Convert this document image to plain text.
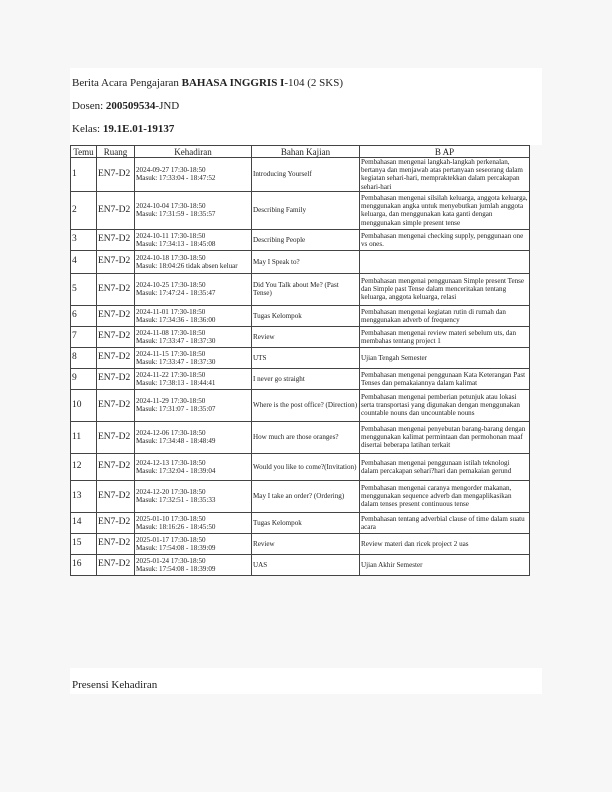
Berita Acara Pengajaran BAHASA INGGRIS I-104 (2 SKS)
Dosen: 200509534-JND
Kelas: 19.1E.01-19137
Temu	Ruang	Kehadiran	Bahan Kajian	B AP
1	EN7-D2	2024-09-27 17:30-18:50
Masuk: 17:33:04 - 18:47:52	Introducing Yourself	Pembahasan mengenai langkah-langkah perkenalan, bertanya dan menjawab atas pertanyaan seseorang dalam kegiatan sehari-hari, mempraktekkan dalam percakapan sehari-hari
2	EN7-D2	2024-10-04 17:30-18:50
Masuk: 17:31:59 - 18:35:57	Describing Family	Pembahasan mengenai silsilah keluarga, anggota keluarga, menggunakan angka untuk menyebutkan jumlah anggota keluarga, dan menggunakan kata ganti dengan menggunakan simple present tense
3	EN7-D2	2024-10-11 17:30-18:50
Masuk: 17:34:13 - 18:45:08	Describing People	Pembahasan mengenai checking supply, penggunaan one vs ones.
4	EN7-D2	2024-10-18 17:30-18:50
Masuk: 18:04:26 tidak absen keluar	May I Speak to?	
5	EN7-D2	2024-10-25 17:30-18:50
Masuk: 17:47:24 - 18:35:47	Did You Talk about Me? (Past Tense)	Pembahasan mengenai penggunaan Simple present Tense dan Simple past Tense dalam menceritakan tentang keluarga, anggota keluarga, relasi
6	EN7-D2	2024-11-01 17:30-18:50
Masuk: 17:34:36 - 18:36:00	Tugas Kelompok	Pembahasan mengenai kegiatan rutin di rumah dan menggunakan adverb of frequency
7	EN7-D2	2024-11-08 17:30-18:50
Masuk: 17:33:47 - 18:37:30	Review	Pembahasan mengenai review materi sebelum uts, dan membahas tentang project 1
8	EN7-D2	2024-11-15 17:30-18:50
Masuk: 17:33:47 - 18:37:30	UTS	Ujian Tengah Semester
9	EN7-D2	2024-11-22 17:30-18:50
Masuk: 17:38:13 - 18:44:41	I never go straight	Pembahasan mengenai penggunaan Kata Keterangan Past Tenses dan pemakaiannya dalam kalimat
10	EN7-D2	2024-11-29 17:30-18:50
Masuk: 17:31:07 - 18:35:07	Where is the post office? (Direction)	Pembahasan mengenai pemberian petunjuk atau lokasi serta transportasi yang digunakan dengan menggunakan countable nouns dan uncountable nouns
11	EN7-D2	2024-12-06 17:30-18:50
Masuk: 17:34:48 - 18:48:49	How much are those oranges?	Pembahasan mengenai penyebutan barang-barang dengan menggunakan kalimat permintaan dan permohonan maaf disertai beberapa latihan terkait
12	EN7-D2	2024-12-13 17:30-18:50
Masuk: 17:32:04 - 18:39:04	Would you like to come?(Invitation)	Pembahasan mengenai penggunaan istilah teknologi dalam percakapan sehari?hari dan pemakaian gerund
13	EN7-D2	2024-12-20 17:30-18:50
Masuk: 17:32:51 - 18:35:33	May I take an order? (Ordering)	Pembahasan mengenai caranya mengorder makanan, menggunakan sequence adverb dan mengaplikasikan dalam tenses present continuous tense
14	EN7-D2	2025-01-10 17:30-18:50
Masuk: 18:16:26 - 18:45:50	Tugas Kelompok	Pembahasan tentang adverbial clause of time dalam suatu acara
15	EN7-D2	2025-01-17 17:30-18:50
Masuk: 17:54:08 - 18:39:09	Review	Review materi dan ricek project 2 uas
16	EN7-D2	2025-01-24 17:30-18:50
Masuk: 17:54:08 - 18:39:09	UAS	Ujian Akhir Semester
Presensi Kehadiran
